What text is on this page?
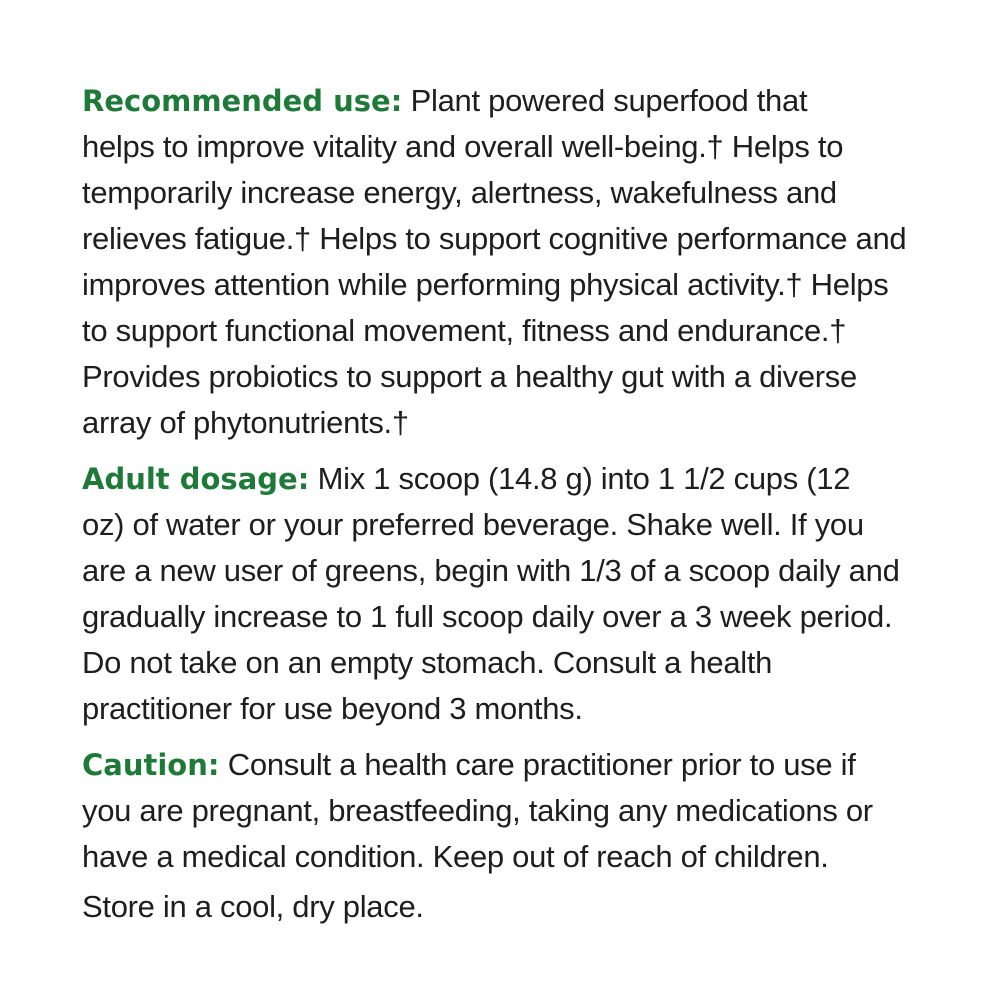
Recommended use: Plant powered superfood that
helps to improve vitality and overall well-being.† Helps to
temporarily increase energy, alertness, wakefulness and
relieves fatigue.† Helps to support cognitive performance and
improves attention while performing physical activity.† Helps
to support functional movement, fitness and endurance.†
Provides probiotics to support a healthy gut with a diverse
array of phytonutrients.†
Adult dosage: Mix 1 scoop (14.8 g) into 1 1/2 cups (12
oz) of water or your preferred beverage. Shake well. If you
are a new user of greens, begin with 1/3 of a scoop daily and
gradually increase to 1 full scoop daily over a 3 week period.
Do not take on an empty stomach. Consult a health
practitioner for use beyond 3 months.
Caution: Consult a health care practitioner prior to use if
you are pregnant, breastfeeding, taking any medications or
have a medical condition. Keep out of reach of children.
Store in a cool, dry place.
